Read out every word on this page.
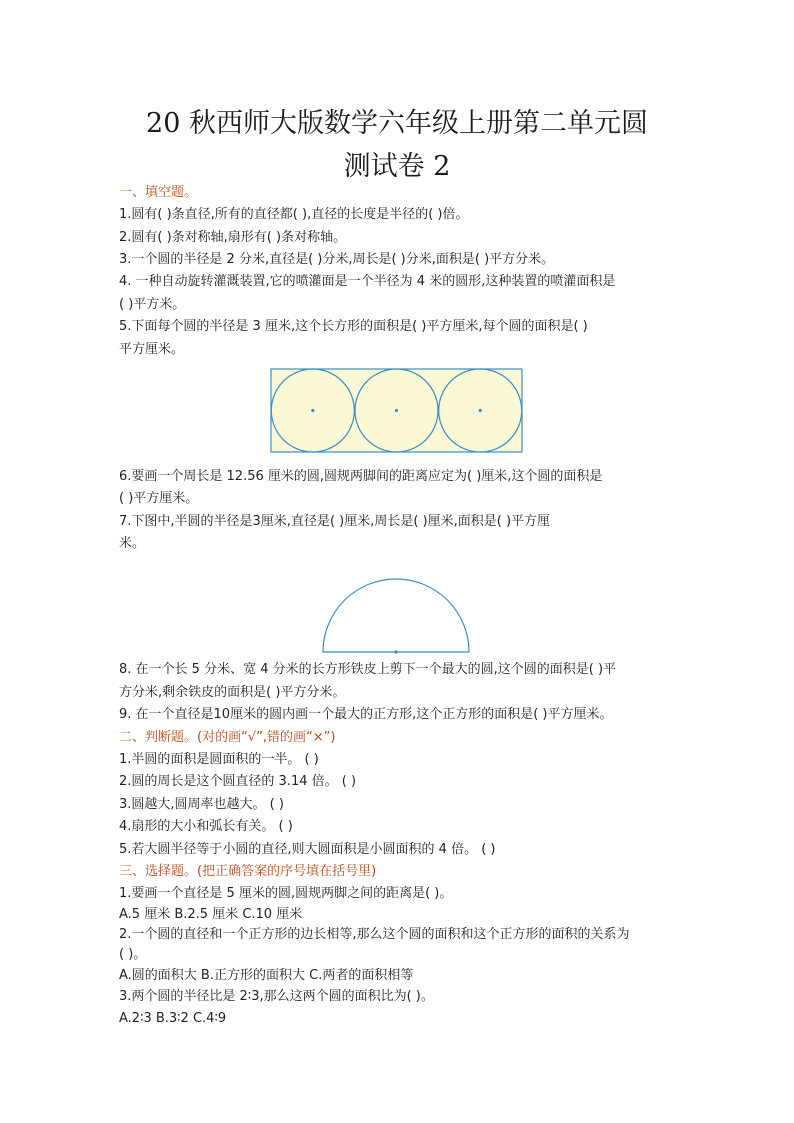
20 秋西师大版数学六年级上册第二单元圆
测试卷 2
一、填空题。
1.圆有( )条直径,所有的直径都( ),直径的长度是半径的( )倍。
2.圆有( )条对称轴,扇形有( )条对称轴。
3.一个圆的半径是 2 分米,直径是( )分米,周长是( )分米,面积是( )平方分米。
4. 一种自动旋转灌溉装置,它的喷灌面是一个半径为 4 米的圆形,这种装置的喷灌面积是
( )平方米。
5.下面每个圆的半径是 3 厘米,这个长方形的面积是( )平方厘米,每个圆的面积是( )
平方厘米。
6.要画一个周长是 12.56 厘米的圆,圆规两脚间的距离应定为( )厘米,这个圆的面积是
( )平方厘米。
7.下图中,半圆的半径是3厘米,直径是( )厘米,周长是( )厘米,面积是( )平方厘
米。
8. 在一个长 5 分米、宽 4 分米的长方形铁皮上剪下一个最大的圆,这个圆的面积是( )平
方分米,剩余铁皮的面积是( )平方分米。
9. 在一个直径是10厘米的圆内画一个最大的正方形,这个正方形的面积是( )平方厘米。
二、判断题。(对的画“√”,错的画“×”)
1.半圆的面积是圆面积的一半。 ( )
2.圆的周长是这个圆直径的 3.14 倍。 ( )
3.圆越大,圆周率也越大。 ( )
4.扇形的大小和弧长有关。 ( )
5.若大圆半径等于小圆的直径,则大圆面积是小圆面积的 4 倍。 ( )
三、选择题。(把正确答案的序号填在括号里)
1.要画一个直径是 5 厘米的圆,圆规两脚之间的距离是( )。
A.5 厘米 B.2.5 厘米 C.10 厘米
2.一个圆的直径和一个正方形的边长相等,那么这个圆的面积和这个正方形的面积的关系为
( )。
A.圆的面积大 B.正方形的面积大 C.两者的面积相等
3.两个圆的半径比是 2∶3,那么这两个圆的面积比为( )。
A.2∶3 B.3∶2 C.4∶9
